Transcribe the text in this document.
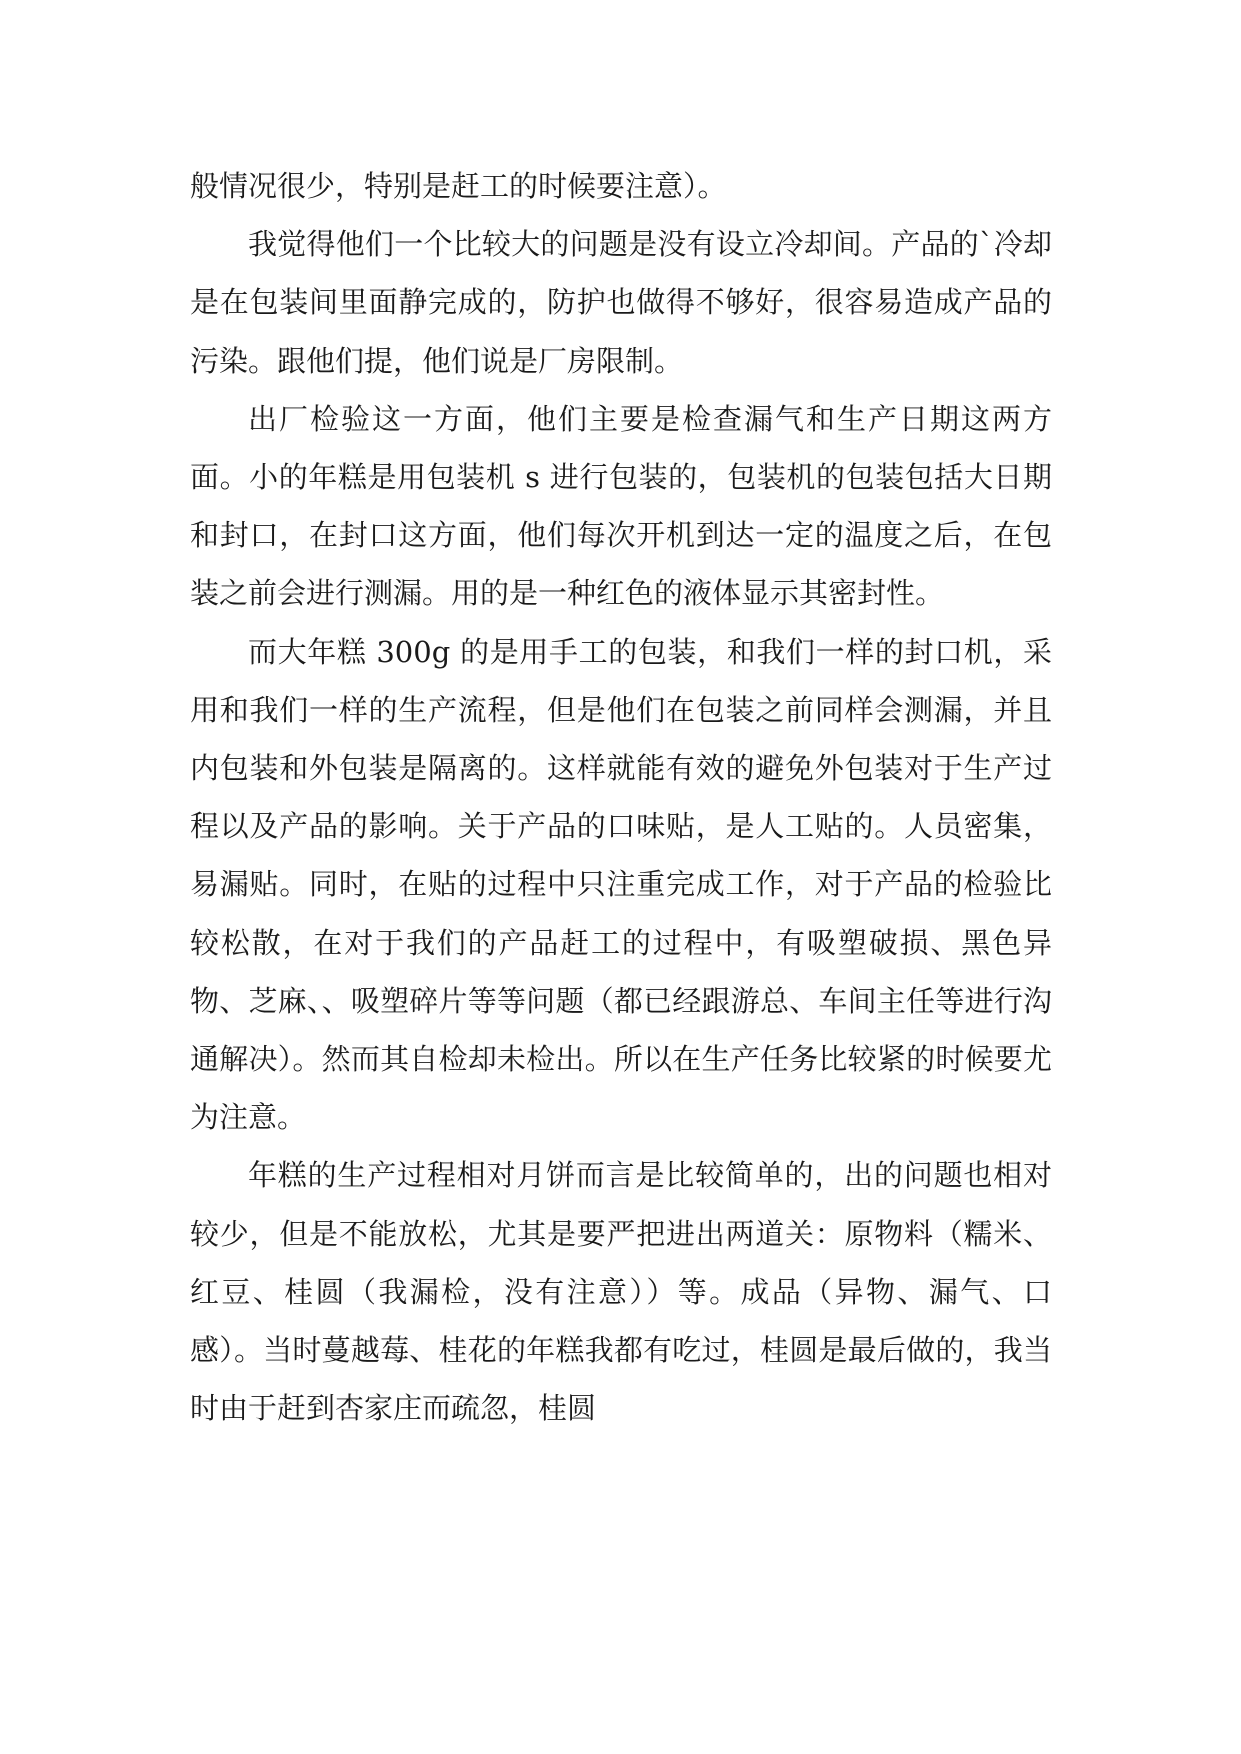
般情况很少，特别是赶工的时候要注意）。

我觉得他们一个比较大的问题是没有设立冷却间。产品的`冷却是在包装间里面静完成的，防护也做得不够好，很容易造成产品的污染。跟他们提，他们说是厂房限制。

出厂检验这一方面，他们主要是检查漏气和生产日期这两方面。小的年糕是用包装机 s 进行包装的，包装机的包装包括大日期和封口，在封口这方面，他们每次开机到达一定的温度之后，在包装之前会进行测漏。用的是一种红色的液体显示其密封性。

而大年糕 300g 的是用手工的包装，和我们一样的封口机，采用和我们一样的生产流程，但是他们在包装之前同样会测漏，并且内包装和外包装是隔离的。这样就能有效的避免外包装对于生产过程以及产品的影响。关于产品的口味贴，是人工贴的。人员密集，易漏贴。同时，在贴的过程中只注重完成工作，对于产品的检验比较松散，在对于我们的产品赶工的过程中，有吸塑破损、黑色异物、芝麻、、吸塑碎片等等问题（都已经跟游总、车间主任等进行沟通解决）。然而其自检却未检出。所以在生产任务比较紧的时候要尤为注意。

年糕的生产过程相对月饼而言是比较简单的，出的问题也相对较少，但是不能放松，尤其是要严把进出两道关：原物料（糯米、红豆、桂圆（我漏检，没有注意））等。成品（异物、漏气、口感）。当时蔓越莓、桂花的年糕我都有吃过，桂圆是最后做的，我当时由于赶到杏家庄而疏忽，桂圆
